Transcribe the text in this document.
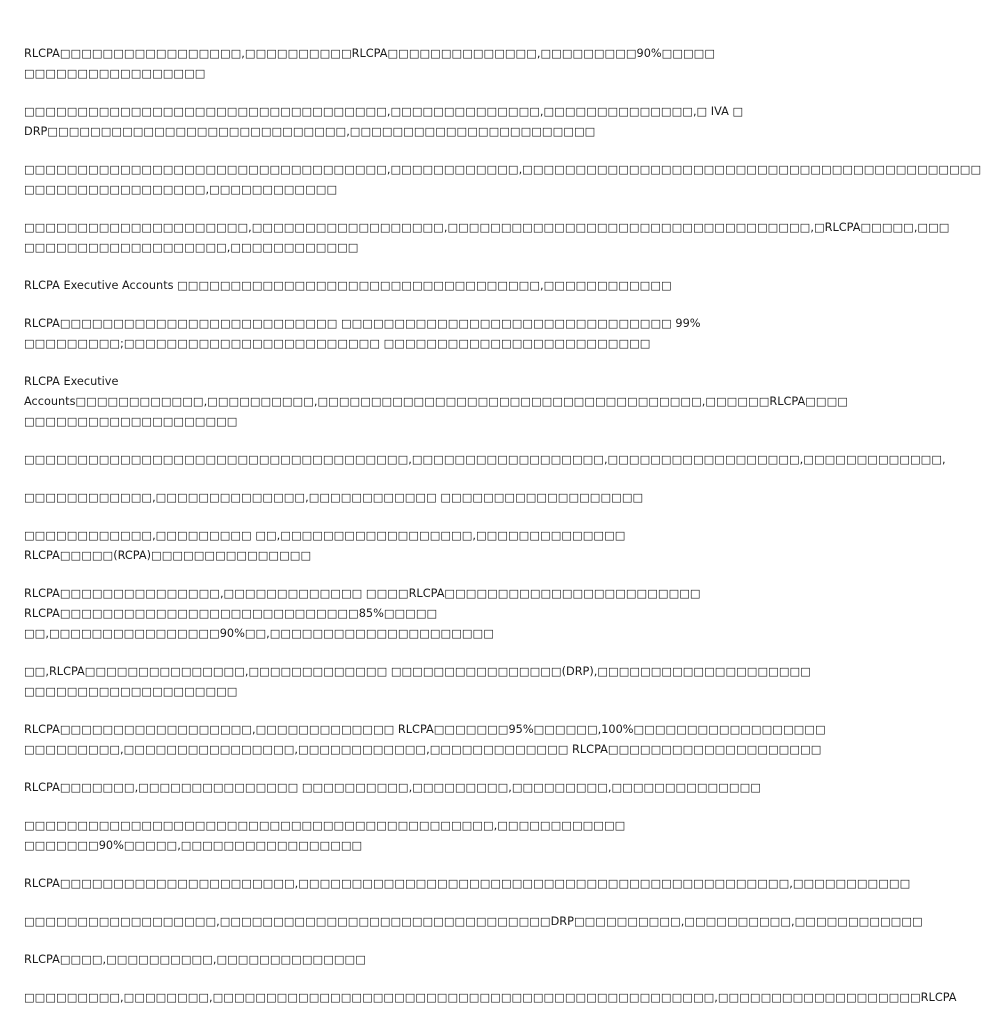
RLCPA□□□□□□□□□□□□□□□□□,□□□□□□□□□□RLCPA□□□□□□□□□□□□□□,□□□□□□□□□90%□□□□□
□□□□□□□□□□□□□□□□□
□□□□□□□□□□□□□□□□□□□□□□□□□□□□□□□□□□,□□□□□□□□□□□□□□,□□□□□□□□□□□□□□,□ IVA □
DRP□□□□□□□□□□□□□□□□□□□□□□□□□□□□,□□□□□□□□□□□□□□□□□□□□□□□
□□□□□□□□□□□□□□□□□□□□□□□□□□□□□□□□□□,□□□□□□□□□□□□,□□□□□□□□□□□□□□□□□□□□□□□□□□□□□□□□□□□□□□□□□□□
□□□□□□□□□□□□□□□□□,□□□□□□□□□□□□
□□□□□□□□□□□□□□□□□□□□□,□□□□□□□□□□□□□□□□□□,□□□□□□□□□□□□□□□□□□□□□□□□□□□□□□□□□□,□RLCPA□□□□□,□□□
□□□□□□□□□□□□□□□□□□□,□□□□□□□□□□□□
RLCPA Executive Accounts □□□□□□□□□□□□□□□□□□□□□□□□□□□□□□□□□□,□□□□□□□□□□□□
RLCPA□□□□□□□□□□□□□□□□□□□□□□□□□□ □□□□□□□□□□□□□□□□□□□□□□□□□□□□□□□ 99%
□□□□□□□□□;□□□□□□□□□□□□□□□□□□□□□□□□ □□□□□□□□□□□□□□□□□□□□□□□□□
RLCPA Executive
Accounts□□□□□□□□□□□□,□□□□□□□□□□,□□□□□□□□□□□□□□□□□□□□□□□□□□□□□□□□□□□□,□□□□□□RLCPA□□□□
□□□□□□□□□□□□□□□□□□□□
□□□□□□□□□□□□□□□□□□□□□□□□□□□□□□□□□□□□,□□□□□□□□□□□□□□□□□□,□□□□□□□□□□□□□□□□□□,□□□□□□□□□□□□□,
□□□□□□□□□□□□,□□□□□□□□□□□□□□,□□□□□□□□□□□□ □□□□□□□□□□□□□□□□□□□
□□□□□□□□□□□□,□□□□□□□□□ □□,□□□□□□□□□□□□□□□□□□,□□□□□□□□□□□□□□
RLCPA□□□□□(RCPA)□□□□□□□□□□□□□□□
RLCPA□□□□□□□□□□□□□□□,□□□□□□□□□□□□□ □□□□RLCPA□□□□□□□□□□□□□□□□□□□□□□□□
RLCPA□□□□□□□□□□□□□□□□□□□□□□□□□□□□85%□□□□□
□□,□□□□□□□□□□□□□□□□90%□□,□□□□□□□□□□□□□□□□□□□□□
□□,RLCPA□□□□□□□□□□□□□□□,□□□□□□□□□□□□□ □□□□□□□□□□□□□□□□(DRP),□□□□□□□□□□□□□□□□□□□□
□□□□□□□□□□□□□□□□□□□□
RLCPA□□□□□□□□□□□□□□□□□□,□□□□□□□□□□□□□ RLCPA□□□□□□□95%□□□□□□,100%□□□□□□□□□□□□□□□□□□
□□□□□□□□□,□□□□□□□□□□□□□□□□,□□□□□□□□□□□□,□□□□□□□□□□□□□ RLCPA□□□□□□□□□□□□□□□□□□□□
RLCPA□□□□□□□,□□□□□□□□□□□□□□□ □□□□□□□□□□,□□□□□□□□□,□□□□□□□□□,□□□□□□□□□□□□□□
□□□□□□□□□□□□□□□□□□□□□□□□□□□□□□□□□□□□□□□□□□□□,□□□□□□□□□□□□
□□□□□□□90%□□□□□,□□□□□□□□□□□□□□□□□
RLCPA□□□□□□□□□□□□□□□□□□□□□□,□□□□□□□□□□□□□□□□□□□□□□□□□□□□□□□□□□□□□□□□□□□□□□,□□□□□□□□□□□
□□□□□□□□□□□□□□□□□□,□□□□□□□□□□□□□□□□□□□□□□□□□□□□□□□DRP□□□□□□□□□□,□□□□□□□□□□,□□□□□□□□□□□□
RLCPA□□□□,□□□□□□□□□□,□□□□□□□□□□□□□□
□□□□□□□□□,□□□□□□□□,□□□□□□□□□□□□□□□□□□□□□□□□□□□□□□□□□□□□□□□□□□□□□□□,□□□□□□□□□□□□□□□□□□□RLCPA
